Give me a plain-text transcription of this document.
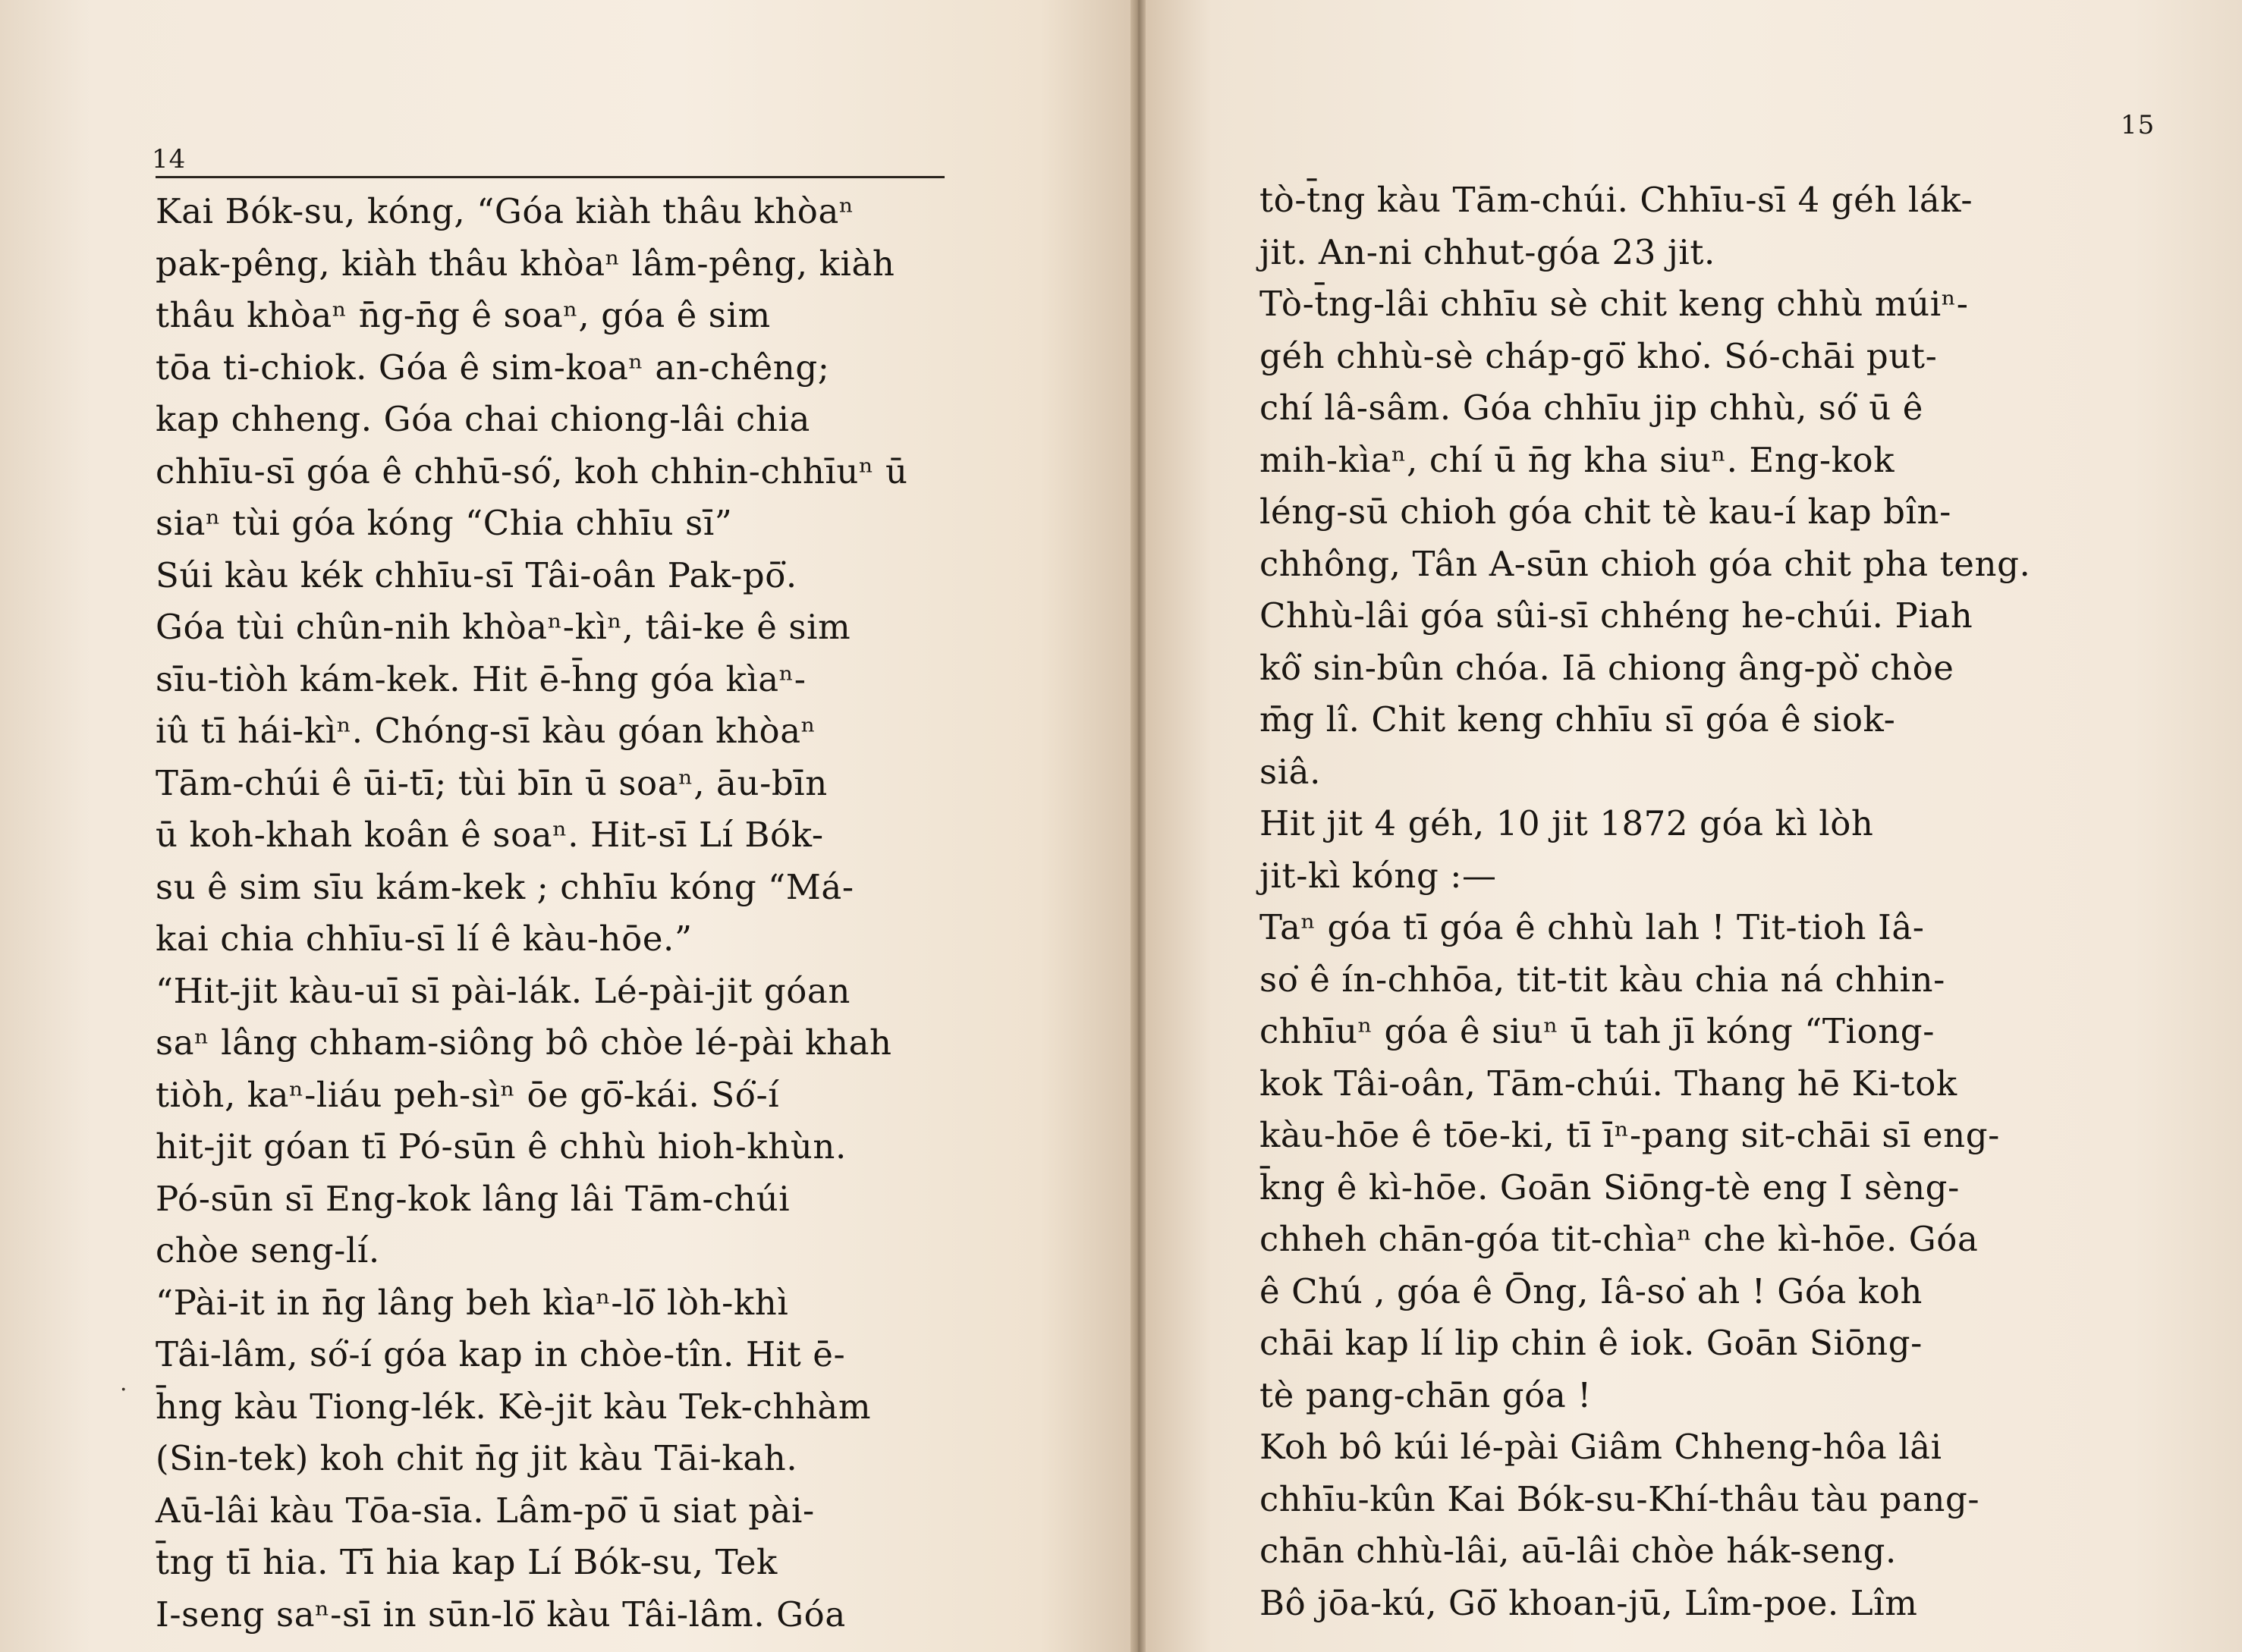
14
Kai Bók-su, kóng, “Góa kiàh thâu khòaⁿ
pak-pêng, kiàh thâu khòaⁿ lâm-pêng, kiàh
thâu khòaⁿ n̄g-n̄g ê soaⁿ, góa ê sim
tōa ti-chiok. Góa ê sim-koaⁿ an-chêng;
kap chheng. Góa chai chiong-lâi chia
chhīu-sī góa ê chhū-só͘, koh chhin-chhīuⁿ ū
siaⁿ tùi góa kóng “Chia chhīu sī”
Súi kàu kék chhīu-sī Tâi-oân Pak-pō͘.
Góa tùi chûn-nih khòaⁿ-kìⁿ, tâi-ke ê sim
sīu-tiòh kám-kek. Hit ē-h̄ng góa kìaⁿ-
iû tī hái-kìⁿ. Chóng-sī kàu góan khòaⁿ
Tām-chúi ê ūi-tī; tùi bīn ū soaⁿ, āu-bīn
ū koh-khah koân ê soaⁿ. Hit-sī Lí Bók-
su ê sim sīu kám-kek ; chhīu kóng “Má-
kai chia chhīu-sī lí ê kàu-hōe.”
“Hit-jit kàu-uī sī pài-lák. Lé-pài-jit góan
saⁿ lâng chham-siông bô chòe lé-pài khah
tiòh, kaⁿ-liáu peh-sìⁿ ōe gō͘-kái. Só͘-í
hit-jit góan tī Pó-sūn ê chhù hioh-khùn.
Pó-sūn sī Eng-kok lâng lâi Tām-chúi
chòe seng-lí.
“Pài-it in n̄g lâng beh kìaⁿ-lō͘ lòh-khì
Tâi-lâm, só͘-í góa kap in chòe-tîn. Hit ē-
h̄ng kàu Tiong-lék. Kè-jit kàu Tek-chhàm
(Sin-tek) koh chit n̄g jit kàu Tāi-kah.
Aū-lâi kàu Tōa-sīa. Lâm-pō͘ ū siat pài-
t̄ng tī hia. Tī hia kap Lí Bók-su, Tek
I-seng saⁿ-sī in sūn-lō͘ kàu Tâi-lâm. Góa
·
15
tò-t̄ng kàu Tām-chúi. Chhīu-sī 4 géh lák-
jit. An-ni chhut-góa 23 jit.
Tò-t̄ng-lâi chhīu sè chit keng chhù múiⁿ-
géh chhù-sè cháp-gō͘ kho͘. Só-chāi put-
chí lâ-sâm. Góa chhīu jip chhù, só͘ ū ê
mih-kìaⁿ, chí ū n̄g kha siuⁿ. Eng-kok
léng-sū chioh góa chit tè kau-í kap bîn-
chhông, Tân A-sūn chioh góa chit pha teng.
Chhù-lâi góa sûi-sī chhéng he-chúi. Piah
kô͘ sin-bûn chóa. Iā chiong âng-pò͘ chòe
m̄g lî. Chit keng chhīu sī góa ê siok-
siâ.
Hit jit 4 géh, 10 jit 1872 góa kì lòh
jit-kì kóng :—
Taⁿ góa tī góa ê chhù lah ! Tit-tioh Iâ-
so͘ ê ín-chhōa, tit-tit kàu chia ná chhin-
chhīuⁿ góa ê siuⁿ ū tah jī kóng “Tiong-
kok Tâi-oân, Tām-chúi. Thang hē Ki-tok
kàu-hōe ê tōe-ki, tī īⁿ-pang sit-chāi sī eng-
k̄ng ê kì-hōe. Goān Siōng-tè eng I sèng-
chheh chān-góa tit-chìaⁿ che kì-hōe. Góa
ê Chú , góa ê Ōng, Iâ-so͘ ah ! Góa koh
chāi kap lí lip chin ê iok. Goān Siōng-
tè pang-chān góa !
Koh bô kúi lé-pài Giâm Chheng-hôa lâi
chhīu-kûn Kai Bók-su-Khí-thâu tàu pang-
chān chhù-lâi, aū-lâi chòe hák-seng.
Bô jōa-kú, Gō͘ khoan-jū, Lîm-poe. Lîm
